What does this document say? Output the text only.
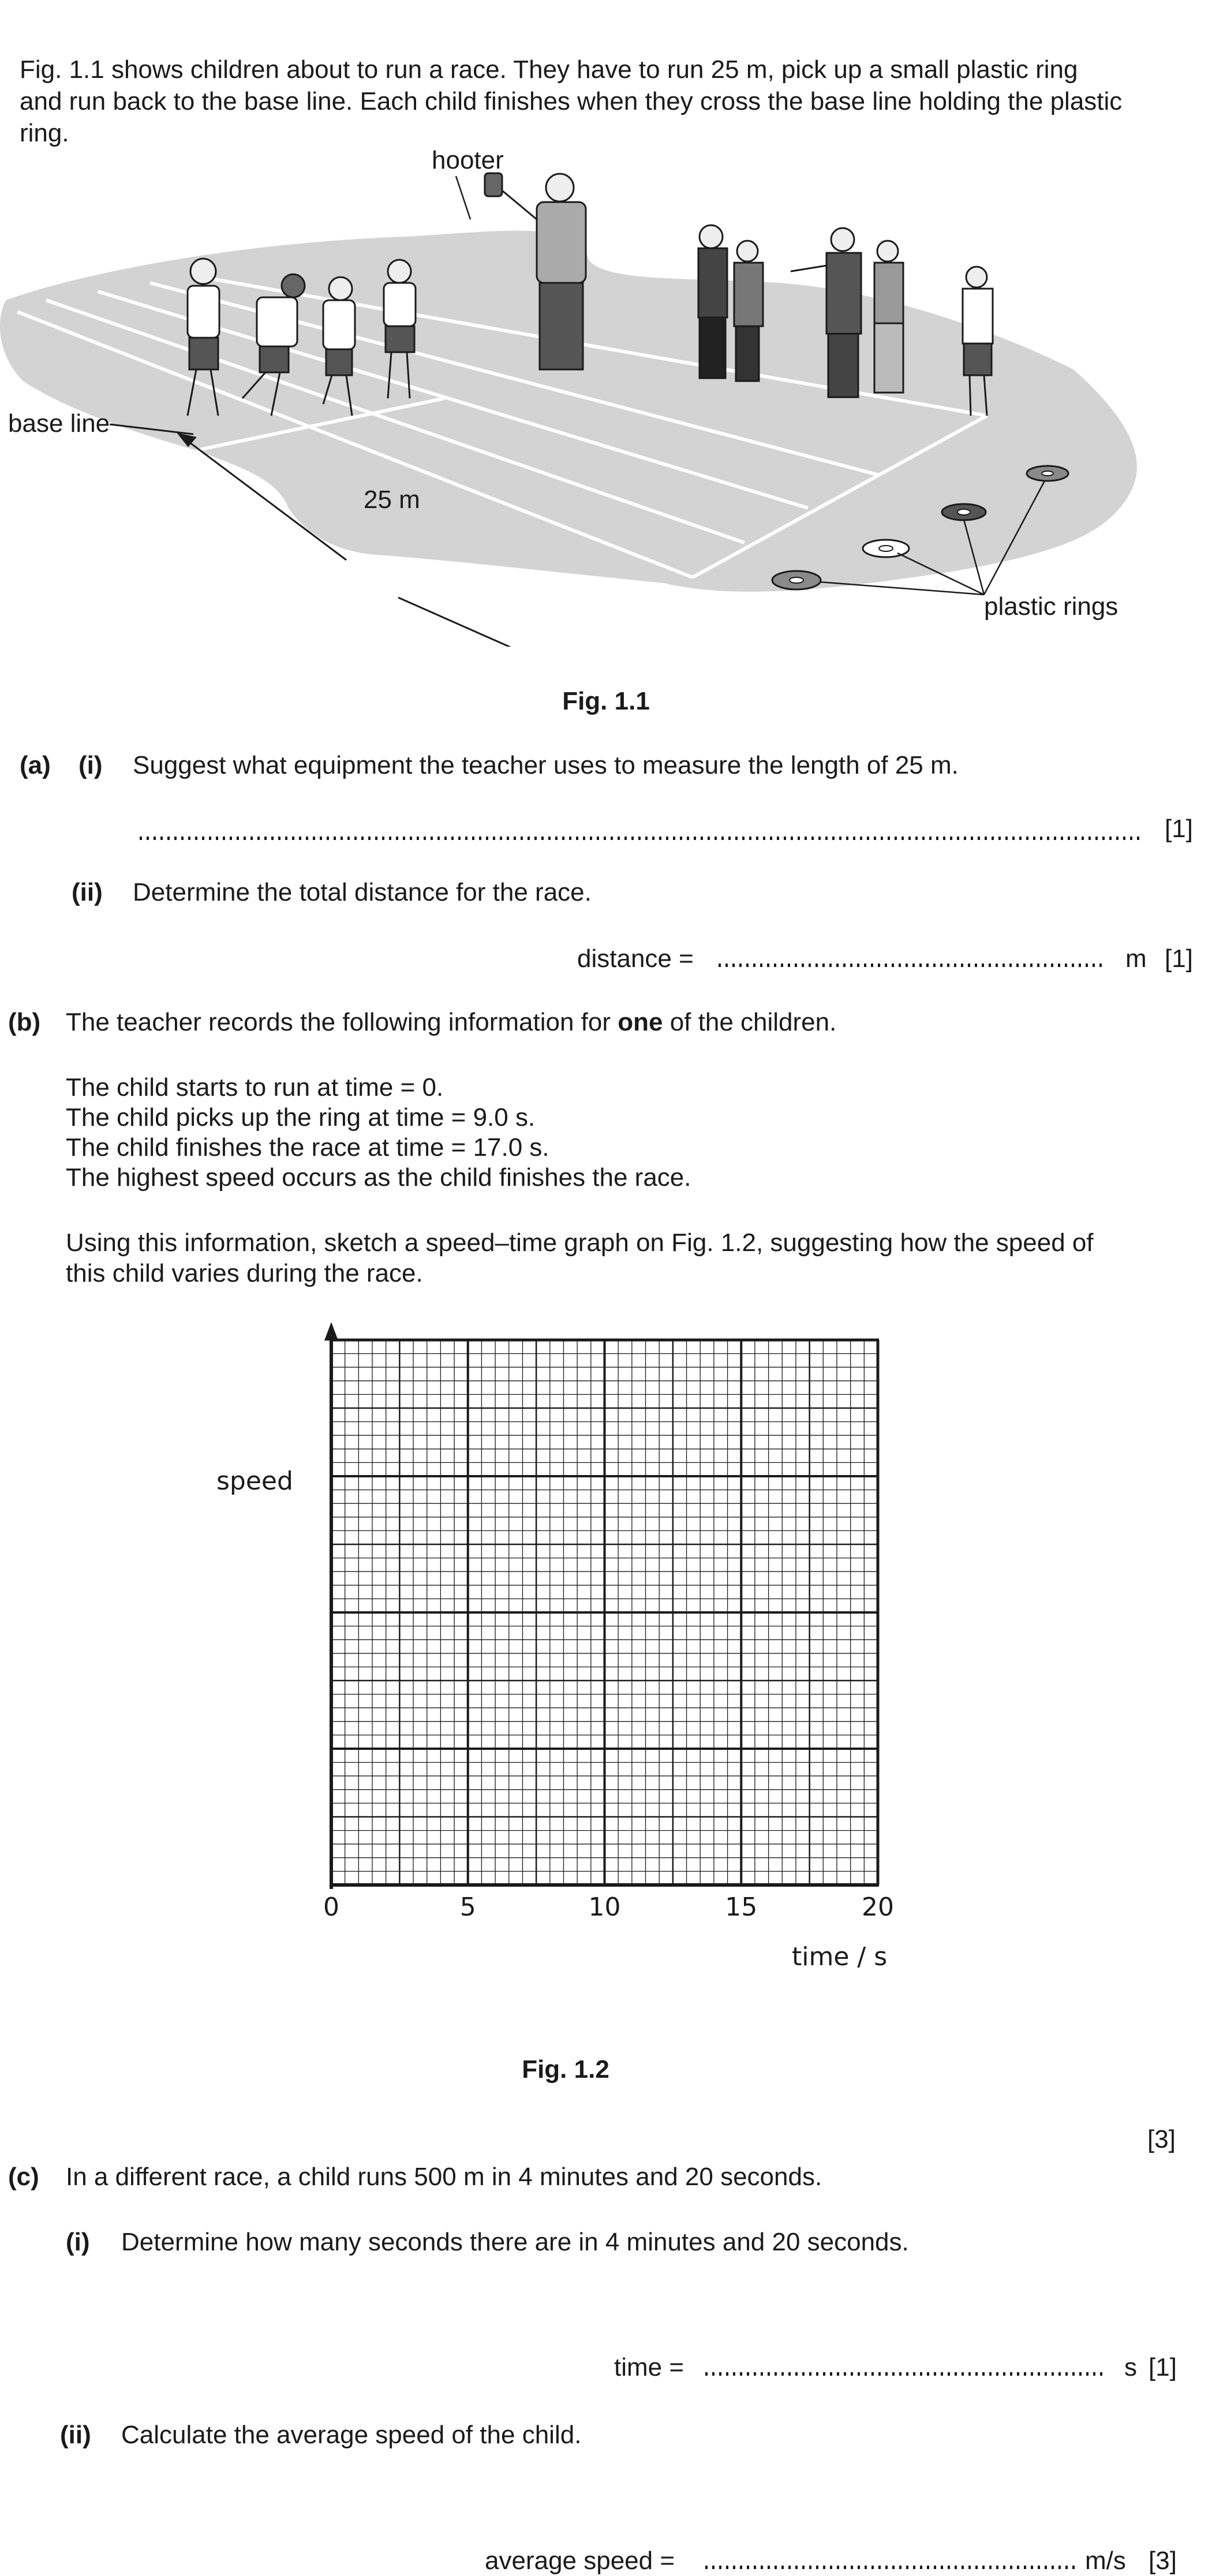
Fig. 1.1 shows children about to run a race. They have to run 25 m, pick up a small plastic ring
and run back to the base line. Each child finishes when they cross the base line holding the plastic
ring.
hooter
base line
25 m
plastic rings
Fig. 1.1
(a) (i) Suggest what equipment the teacher uses to measure the length of 25 m.
[1]
(ii) Determine the total distance for the race.
distance =	m [1]
(b) The teacher records the following information for one of the children.
The child starts to run at time = 0.
The child picks up the ring at time = 9.0 s.
The child finishes the race at time = 17.0 s.
The highest speed occurs as the child finishes the race.
Using this information, sketch a speed–time graph on Fig. 1.2, suggesting how the speed of
this child varies during the race.
0	5	10	15	20
speed
time / s
Fig. 1.2
[3]
(c) In a different race, a child runs 500 m in 4 minutes and 20 seconds.
(i) Determine how many seconds there are in 4 minutes and 20 seconds.
time =	s [1]
(ii) Calculate the average speed of the child.
average speed =	m/s [3]
